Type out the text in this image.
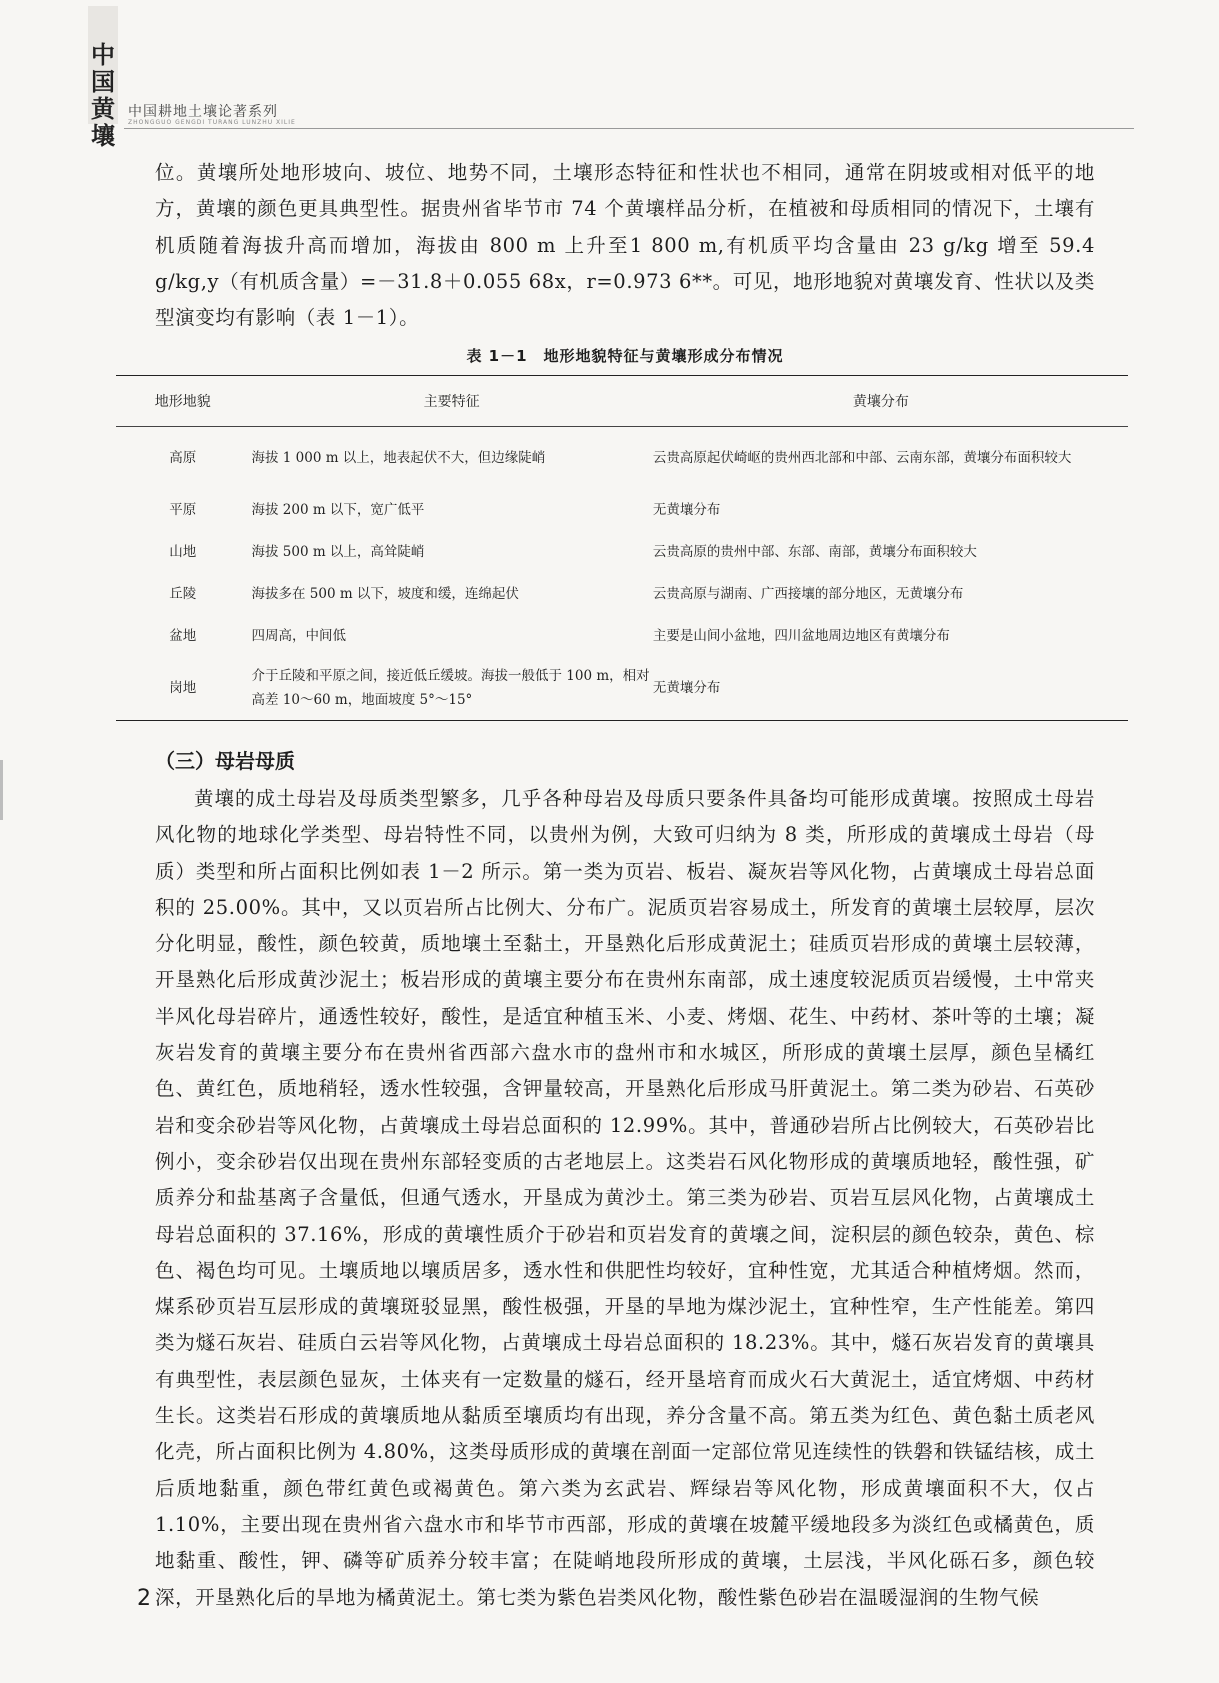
中
国
黄
壤
中国耕地土壤论著系列
ZHONGGUO GENGDI TURANG LUNZHU XILIE

位。黄壤所处地形坡向、坡位、地势不同，土壤形态特征和性状也不相同，通常在阴坡或相对低平的地方，黄壤的颜色更具典型性。据贵州省毕节市 74 个黄壤样品分析，在植被和母质相同的情况下，土壤有机质随着海拔升高而增加，海拔由 800 m 上升至1 800 m,有机质平均含量由 23 g/kg 增至 59.4 g/kg,y（有机质含量）=－31.8＋0.055 68x，r=0.973 6**。可见，地形地貌对黄壤发育、性状以及类型演变均有影响（表 1－1）。

表 1－1　地形地貌特征与黄壤形成分布情况
地形地貌	主要特征	黄壤分布
高原	海拔 1 000 m 以上，地表起伏不大，但边缘陡峭	云贵高原起伏崎岖的贵州西北部和中部、云南东部，黄壤分布面积较大
平原	海拔 200 m 以下，宽广低平	无黄壤分布
山地	海拔 500 m 以上，高耸陡峭	云贵高原的贵州中部、东部、南部，黄壤分布面积较大
丘陵	海拔多在 500 m 以下，坡度和缓，连绵起伏	云贵高原与湖南、广西接壤的部分地区，无黄壤分布
盆地	四周高，中间低	主要是山间小盆地，四川盆地周边地区有黄壤分布
岗地	介于丘陵和平原之间，接近低丘缓坡。海拔一般低于 100 m，相对高差 10～60 m，地面坡度 5°～15°	无黄壤分布
（三）母岩母质

黄壤的成土母岩及母质类型繁多，几乎各种母岩及母质只要条件具备均可能形成黄壤。按照成土母岩风化物的地球化学类型、母岩特性不同，以贵州为例，大致可归纳为 8 类，所形成的黄壤成土母岩（母质）类型和所占面积比例如表 1－2 所示。第一类为页岩、板岩、凝灰岩等风化物，占黄壤成土母岩总面积的 25.00%。其中，又以页岩所占比例大、分布广。泥质页岩容易成土，所发育的黄壤土层较厚，层次分化明显，酸性，颜色较黄，质地壤土至黏土，开垦熟化后形成黄泥土；硅质页岩形成的黄壤土层较薄，开垦熟化后形成黄沙泥土；板岩形成的黄壤主要分布在贵州东南部，成土速度较泥质页岩缓慢，土中常夹半风化母岩碎片，通透性较好，酸性，是适宜种植玉米、小麦、烤烟、花生、中药材、茶叶等的土壤；凝灰岩发育的黄壤主要分布在贵州省西部六盘水市的盘州市和水城区，所形成的黄壤土层厚，颜色呈橘红色、黄红色，质地稍轻，透水性较强，含钾量较高，开垦熟化后形成马肝黄泥土。第二类为砂岩、石英砂岩和变余砂岩等风化物，占黄壤成土母岩总面积的 12.99%。其中，普通砂岩所占比例较大，石英砂岩比例小，变余砂岩仅出现在贵州东部轻变质的古老地层上。这类岩石风化物形成的黄壤质地轻，酸性强，矿质养分和盐基离子含量低，但通气透水，开垦成为黄沙土。第三类为砂岩、页岩互层风化物，占黄壤成土母岩总面积的 37.16%，形成的黄壤性质介于砂岩和页岩发育的黄壤之间，淀积层的颜色较杂，黄色、棕色、褐色均可见。土壤质地以壤质居多，透水性和供肥性均较好，宜种性宽，尤其适合种植烤烟。然而，煤系砂页岩互层形成的黄壤斑驳显黑，酸性极强，开垦的旱地为煤沙泥土，宜种性窄，生产性能差。第四类为燧石灰岩、硅质白云岩等风化物，占黄壤成土母岩总面积的 18.23%。其中，燧石灰岩发育的黄壤具有典型性，表层颜色显灰，土体夹有一定数量的燧石，经开垦培育而成火石大黄泥土，适宜烤烟、中药材生长。这类岩石形成的黄壤质地从黏质至壤质均有出现，养分含量不高。第五类为红色、黄色黏土质老风化壳，所占面积比例为 4.80%，这类母质形成的黄壤在剖面一定部位常见连续性的铁磐和铁锰结核，成土后质地黏重，颜色带红黄色或褐黄色。第六类为玄武岩、辉绿岩等风化物，形成黄壤面积不大，仅占 1.10%，主要出现在贵州省六盘水市和毕节市西部，形成的黄壤在坡麓平缓地段多为淡红色或橘黄色，质地黏重、酸性，钾、磷等矿质养分较丰富；在陡峭地段所形成的黄壤，土层浅，半风化砾石多，颜色较深，开垦熟化后的旱地为橘黄泥土。第七类为紫色岩类风化物，酸性紫色砂岩在温暖湿润的生物气候

2
